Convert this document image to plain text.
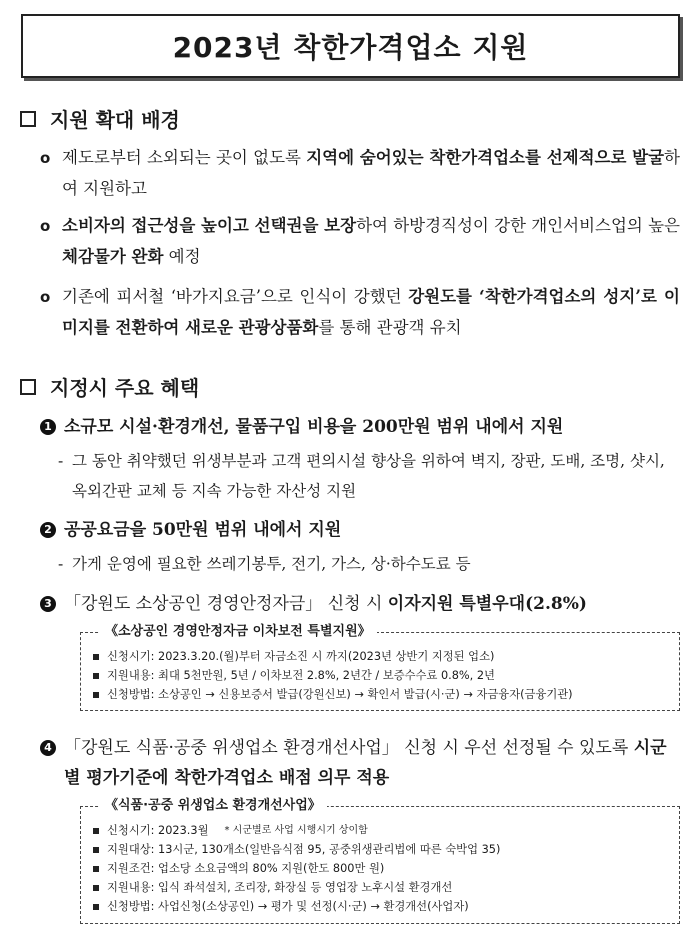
2023년 착한가격업소 지원
지원 확대 배경
o 제도로부터 소외되는 곳이 없도록 지역에 숨어있는 착한가격업소를 선제적으로 발굴하여 지원하고
o 소비자의 접근성을 높이고 선택권을 보장하여 하방경직성이 강한 개인서비스업의 높은 체감물가 완화 예정
o 기존에 피서철 ‘바가지요금’으로 인식이 강했던 강원도를 ‘착한가격업소의 성지’로 이미지를 전환하여 새로운 관광상품화를 통해 관광객 유치
지정시 주요 혜택
1 소규모 시설·환경개선, 물품구입 비용을 200만원 범위 내에서 지원
- 그 동안 취약했던 위생부분과 고객 편의시설 향상을 위하여 벽지, 장판, 도배, 조명, 샷시, 옥외간판 교체 등 지속 가능한 자산성 지원
2 공공요금을 50만원 범위 내에서 지원
- 가게 운영에 필요한 쓰레기봉투, 전기, 가스, 상·하수도료 등
3 「강원도 소상공인 경영안정자금」 신청 시 이자지원 특별우대(2.8%)
《소상공인 경영안정자금 이차보전 특별지원》
신청시기: 2023.3.20.(월)부터 자금소진 시 까지(2023년 상반기 지정된 업소)
지원내용: 최대 5천만원, 5년 / 이차보전 2.8%, 2년간 / 보증수수료 0.8%, 2년
신청방법: 소상공인 → 신용보증서 발급(강원신보) → 확인서 발급(시·군) → 자금융자(금융기관)
4 「강원도 식품·공중 위생업소 환경개선사업」 신청 시 우선 선정될 수 있도록 시군별 평가기준에 착한가격업소 배점 의무 적용
《식품·공중 위생업소 환경개선사업》
신청시기: 2023.3월 * 시군별로 사업 시행시기 상이함
지원대상: 13시군, 130개소(일반음식점 95, 공중위생관리법에 따른 숙박업 35)
지원조건: 업소당 소요금액의 80% 지원(한도 800만 원)
지원내용: 입식 좌석설치, 조리장, 화장실 등 영업장 노후시설 환경개선
신청방법: 사업신청(소상공인) → 평가 및 선정(시·군) → 환경개선(사업자)
